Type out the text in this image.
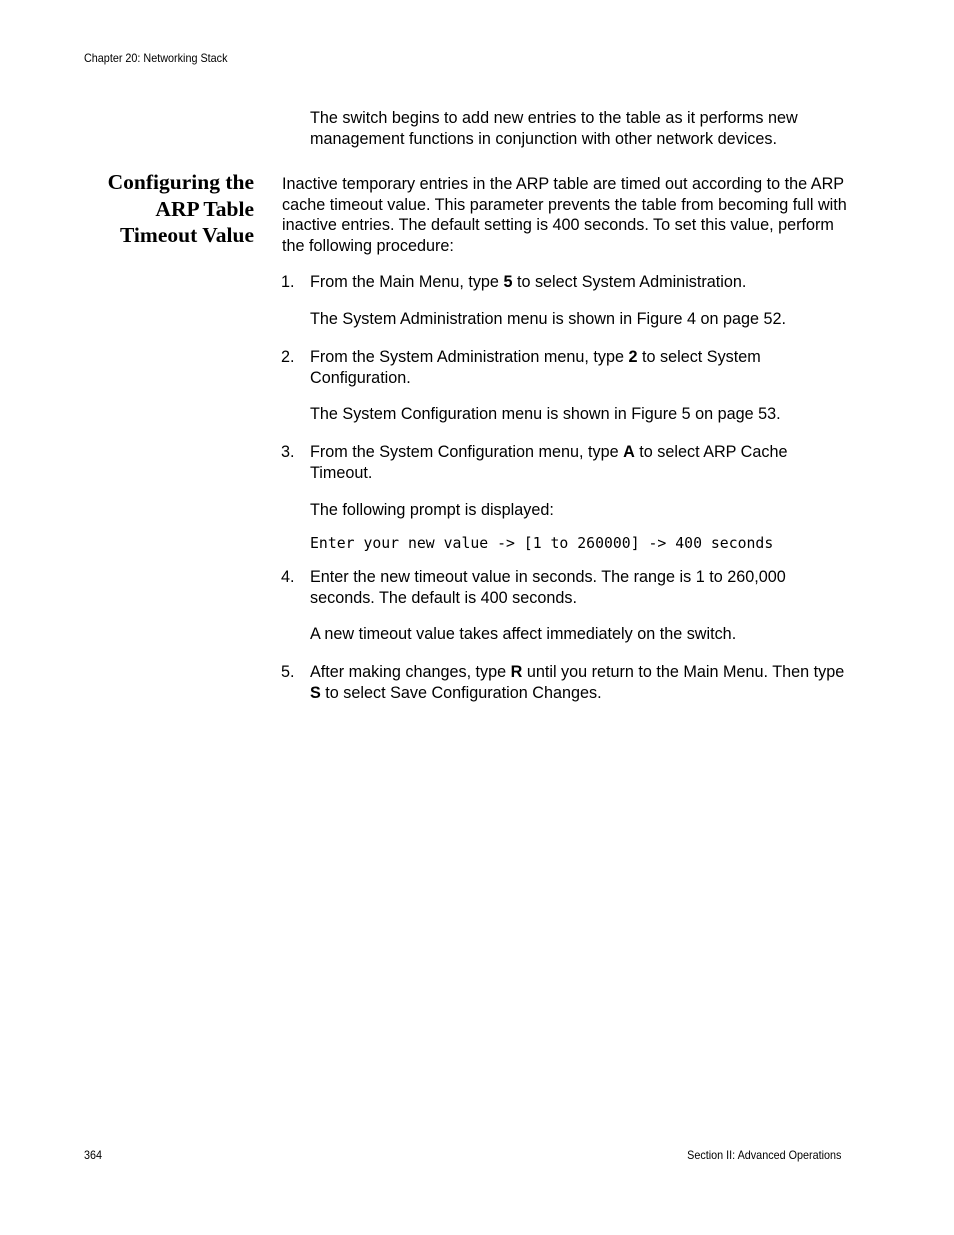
Chapter 20: Networking Stack

The switch begins to add new entries to the table as it performs new management functions in conjunction with other network devices.

Configuring the
ARP Table
Timeout Value

Inactive temporary entries in the ARP table are timed out according to the ARP cache timeout value. This parameter prevents the table from becoming full with inactive entries. The default setting is 400 seconds. To set this value, perform the following procedure:

1. From the Main Menu, type 5 to select System Administration.

The System Administration menu is shown in Figure 4 on page 52.

2. From the System Administration menu, type 2 to select System Configuration.

The System Configuration menu is shown in Figure 5 on page 53.

3. From the System Configuration menu, type A to select ARP Cache Timeout.

The following prompt is displayed:

Enter your new value -> [1 to 260000] -> 400 seconds
4. Enter the new timeout value in seconds. The range is 1 to 260,000 seconds. The default is 400 seconds.

A new timeout value takes affect immediately on the switch.

5. After making changes, type R until you return to the Main Menu. Then type S to select Save Configuration Changes.
364	Section II: Advanced Operations
